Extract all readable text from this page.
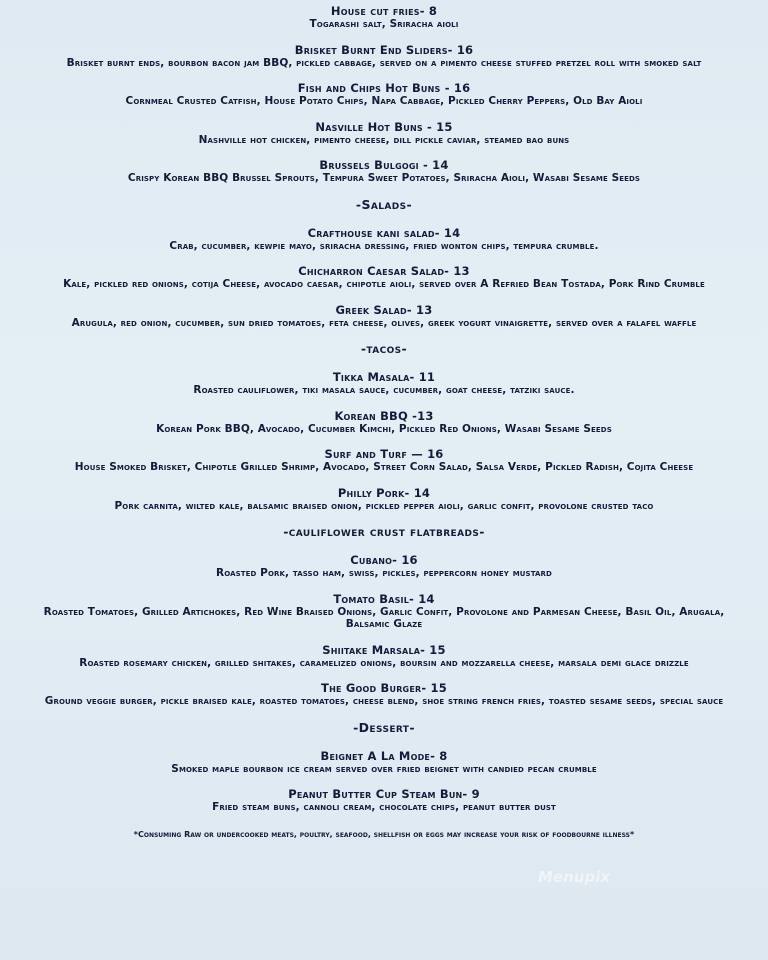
House cut fries- 8
Togarashi salt, Sriracha aioli
Brisket Burnt End Sliders- 16
Brisket burnt ends, bourbon bacon jam BBQ, pickled cabbage, served on a pimento cheese stuffed pretzel roll with smoked salt
Fish and Chips Hot Buns - 16
Cornmeal Crusted Catfish, House Potato Chips, Napa Cabbage, Pickled Cherry Peppers, Old Bay Aioli
Nasville Hot Buns - 15
Nashville hot chicken, pimento cheese, dill pickle caviar, steamed bao buns
Brussels Bulgogi - 14
Crispy Korean BBQ Brussel Sprouts, Tempura Sweet Potatoes, Sriracha Aioli, Wasabi Sesame Seeds
-Salads-
Crafthouse kani salad- 14
Crab, cucumber, kewpie mayo, sriracha dressing, fried wonton chips, tempura crumble.
Chicharron Caesar Salad- 13
Kale, pickled red onions, cotija Cheese, avocado caesar, chipotle aioli, served over A Refried Bean Tostada, Pork Rind Crumble
Greek Salad- 13
Arugula, red onion, cucumber, sun dried tomatoes, feta cheese, olives, greek yogurt vinaigrette, served over a falafel waffle
-tacos-
Tikka Masala- 11
Roasted cauliflower, tiki masala sauce, cucumber, goat cheese, tatziki sauce.
Korean BBQ -13
Korean Pork BBQ, Avocado, Cucumber Kimchi, Pickled Red Onions, Wasabi Sesame Seeds
Surf and Turf — 16
House Smoked Brisket, Chipotle Grilled Shrimp, Avocado, Street Corn Salad, Salsa Verde, Pickled Radish, Cojita Cheese
Philly Pork- 14
Pork carnita, wilted kale, balsamic braised onion, pickled pepper aioli, garlic confit, provolone crusted taco
-cauliflower crust flatbreads-
Cubano- 16
Roasted Pork, tasso ham, swiss, pickles, peppercorn honey mustard
Tomato Basil- 14
Roasted Tomatoes, Grilled Artichokes, Red Wine Braised Onions, Garlic Confit, Provolone and Parmesan Cheese, Basil Oil, Arugala, Balsamic Glaze
Shiitake Marsala- 15
Roasted rosemary chicken, grilled shitakes, caramelized onions, boursin and mozzarella cheese, marsala demi glace drizzle
The Good Burger- 15
Ground veggie burger, pickle braised kale, roasted tomatoes, cheese blend, shoe string french fries, toasted sesame seeds, special sauce
-Dessert-
Beignet A La Mode- 8
Smoked maple bourbon ice cream served over fried beignet with candied pecan crumble
Peanut Butter Cup Steam Bun- 9
Fried steam buns, cannoli cream, chocolate chips, peanut butter dust
*Consuming Raw or undercooked meats, poultry, seafood, shellfish or eggs may increase your risk of foodbourne illness*
Menupix
